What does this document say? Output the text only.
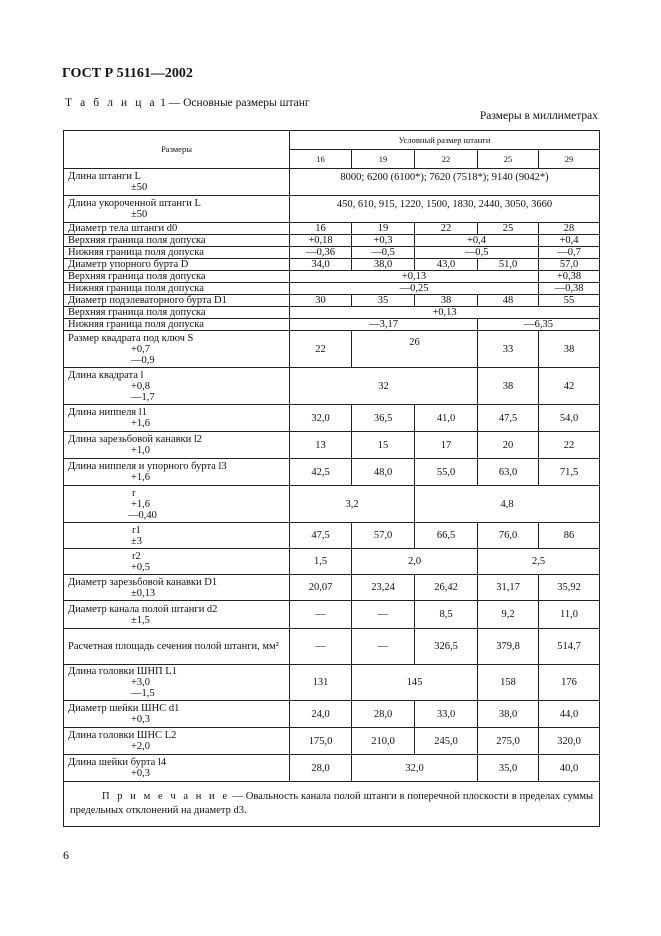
ГОСТ Р 51161—2002
Т а б л и ц а 1 — Основные размеры штанг
Размеры в миллиметрах
Размеры	Условный размер штанги				
	16	19	22	25	29
Длина штанги L
±50	8000; 6200 (6100*); 7620 (7518*); 9140 (9042*)				
Длина укороченной штанги L
±50	450, 610, 915, 1220, 1500, 1830, 2440, 3050, 3660				
Диаметр тела штанги d0	16	19	22	25	28
Верхняя граница поля допуска	+0,18	+0,3	+0,4		+0,4
Нижняя граница поля допуска	—0,36	—0,5	—0,5		—0,7
Диаметр упорного бурта D	34,0	38,0	43,0	51,0	57,0
Верхняя граница поля допуска	+0,13				+0,38
Нижняя граница поля допуска	—0,25				—0,38
Диаметр подэлеваторного бурта D1	30	35	38	48	55
Верхняя граница поля допуска	+0,13				
Нижняя граница поля допуска	—3,17			—6,35	
Размер квадрата под ключ S
+0,7
—0,9	22	26		33	38
Длина квадрата l
+0,8
—1,7	32			38	42
Длина ниппеля l1
+1,6	32,0	36,5	41,0	47,5	54,0
Длина зарезьбовой канавки l2
+1,0	13	15	17	20	22
Длина ниппеля и упорного бурта l3
+1,6	42,5	48,0	55,0	63,0	71,5

r
+1,6
—0,40	3,2		4,8		

r1
±3	47,5	57,0	66,5	76,0	86

r2
+0,5	1,5	2,0		2,5	
Диаметр зарезьбовой канавки D1
±0,13	20,07	23,24	26,42	31,17	35,92
Диаметр канала полой штанги d2
±1,5	—	—	8,5	9,2	11,0
Расчетная площадь сечения полой штанги, мм²	—	—	326,5	379,8	514,7
Длина головки ШНП L1
+3,0
—1,5	131	145		158	176
Диаметр шейки ШНС d1
+0,3	24,0	28,0	33,0	38,0	44,0
Длина головки ШНС L2
+2,0	175,0	210,0	245,0	275,0	320,0
Длина шейки бурта l4
+0,3	28,0	32,0		35,0	40,0
П р и м е ч а н и е — Овальность канала полой штанги в поперечной плоскости в пределах суммы предельных отклонений на диаметр d3.					
6
